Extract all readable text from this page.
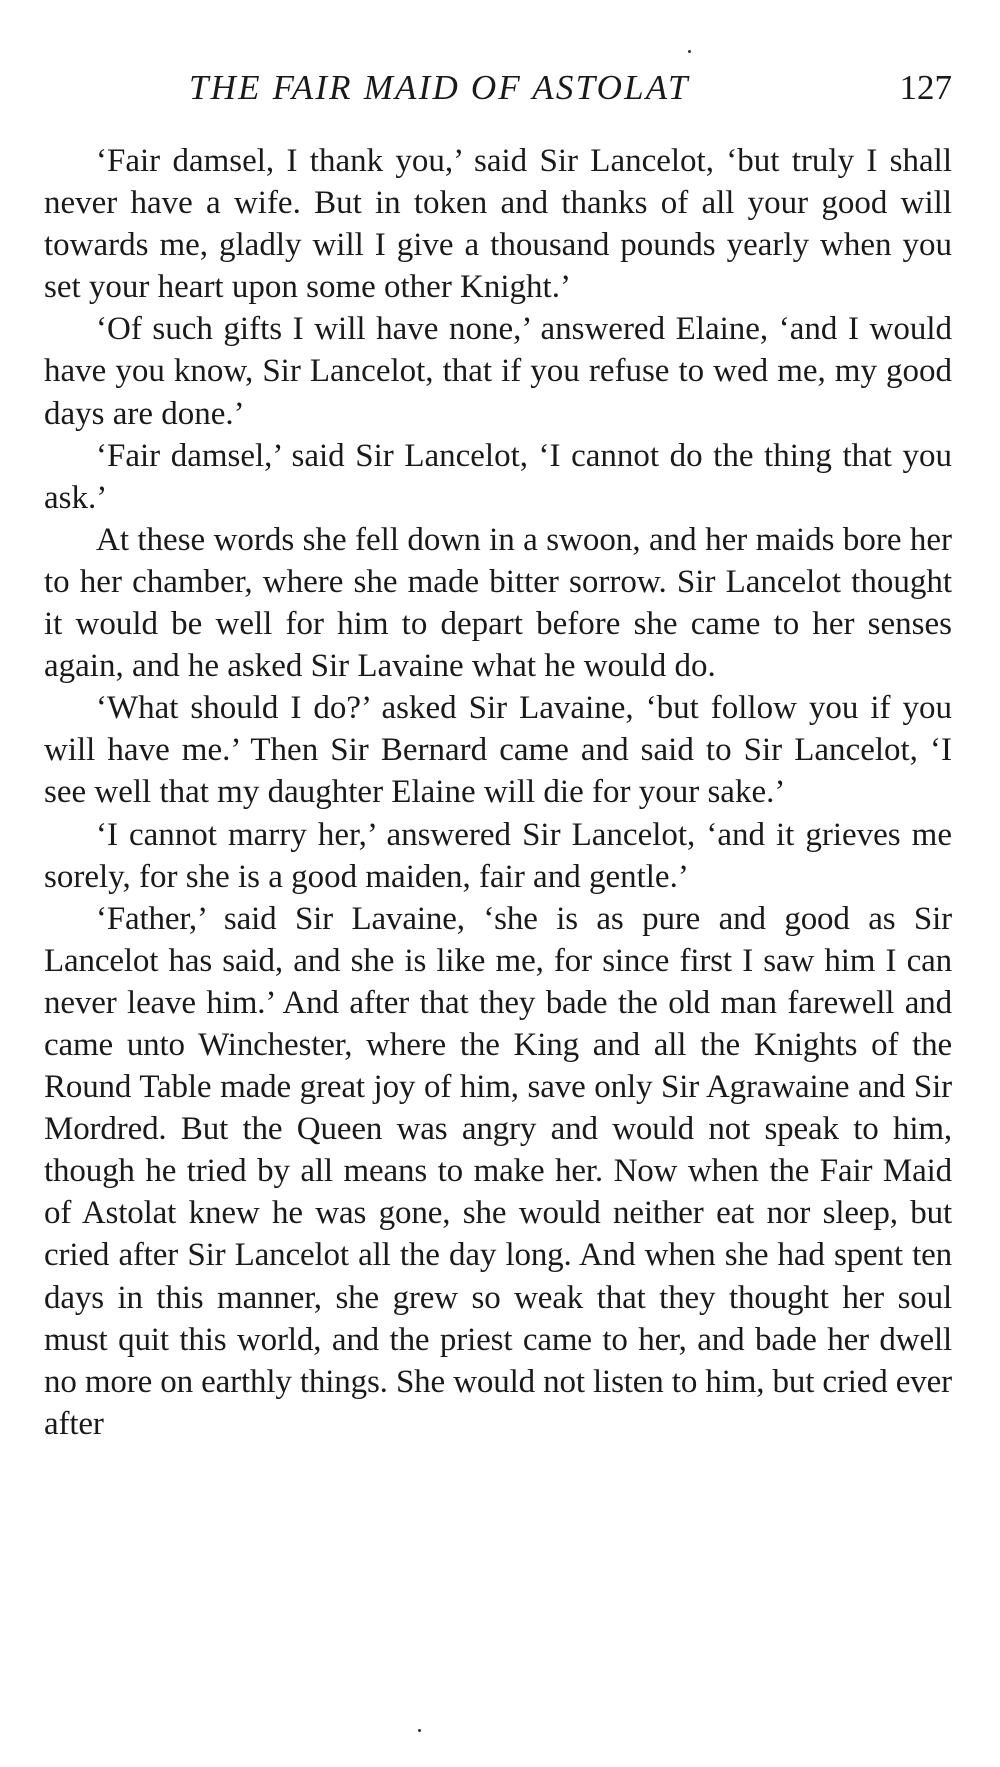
THE FAIR MAID OF ASTOLAT	127

‘Fair damsel, I thank you,’ said Sir Lancelot, ‘but truly I shall never have a wife. But in token and thanks of all your good will towards me, gladly will I give a thousand pounds yearly when you set your heart upon some other Knight.’

‘Of such gifts I will have none,’ answered Elaine, ‘and I would have you know, Sir Lancelot, that if you refuse to wed me, my good days are done.’

‘Fair damsel,’ said Sir Lancelot, ‘I cannot do the thing that you ask.’

At these words she fell down in a swoon, and her maids bore her to her chamber, where she made bitter sorrow. Sir Lancelot thought it would be well for him to depart before she came to her senses again, and he asked Sir Lavaine what he would do.

‘What should I do?’ asked Sir Lavaine, ‘but follow you if you will have me.’ Then Sir Bernard came and said to Sir Lancelot, ‘I see well that my daughter Elaine will die for your sake.’

‘I cannot marry her,’ answered Sir Lancelot, ‘and it grieves me sorely, for she is a good maiden, fair and gentle.’

‘Father,’ said Sir Lavaine, ‘she is as pure and good as Sir Lancelot has said, and she is like me, for since first I saw him I can never leave him.’ And after that they bade the old man farewell and came unto Winchester, where the King and all the Knights of the Round Table made great joy of him, save only Sir Agrawaine and Sir Mordred. But the Queen was angry and would not speak to him, though he tried by all means to make her. Now when the Fair Maid of Astolat knew he was gone, she would neither eat nor sleep, but cried after Sir Lancelot all the day long. And when she had spent ten days in this manner, she grew so weak that they thought her soul must quit this world, and the priest came to her, and bade her dwell no more on earthly things. She would not listen to him, but cried ever after
